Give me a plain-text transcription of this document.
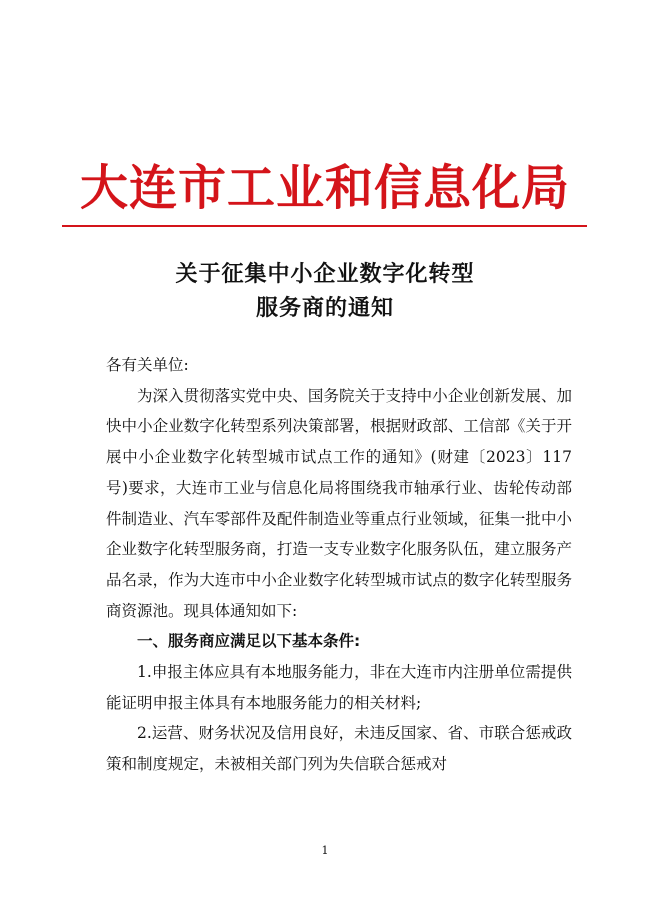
大连市工业和信息化局
关于征集中小企业数字化转型
服务商的通知

各有关单位:

为深入贯彻落实党中央、国务院关于支持中小企业创新发展、加快中小企业数字化转型系列决策部署，根据财政部、工信部《关于开展中小企业数字化转型城市试点工作的通知》(财建〔2023〕117号)要求，大连市工业与信息化局将围绕我市轴承行业、齿轮传动部件制造业、汽车零部件及配件制造业等重点行业领域，征集一批中小企业数字化转型服务商，打造一支专业数字化服务队伍，建立服务产品名录，作为大连市中小企业数字化转型城市试点的数字化转型服务商资源池。现具体通知如下:

一、服务商应满足以下基本条件:

1.申报主体应具有本地服务能力，非在大连市内注册单位需提供能证明申报主体具有本地服务能力的相关材料;

2.运营、财务状况及信用良好，未违反国家、省、市联合惩戒政策和制度规定，未被相关部门列为失信联合惩戒对

1
